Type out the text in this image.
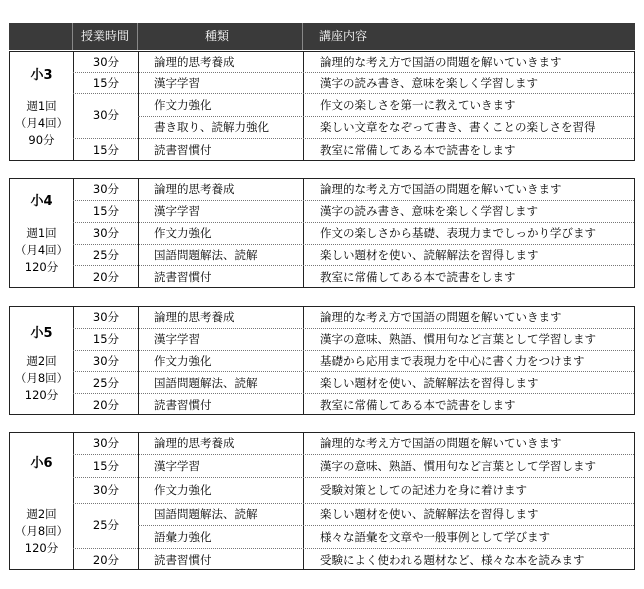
授業時間	種類	講座内容
小3
週1回
（月4回）
90分
30分
15分
30分
15分
論理的思考養成
漢字学習
作文力強化
書き取り、読解力強化
読書習慣付
論理的な考え方で国語の問題を解いていきます
漢字の読み書き、意味を楽しく学習します
作文の楽しさを第一に教えていきます
楽しい文章をなぞって書き、書くことの楽しさを習得
教室に常備してある本で読書をします
小4
週1回
（月4回）
120分
30分
15分
30分
25分
20分
論理的思考養成
漢字学習
作文力強化
国語問題解法、読解
読書習慣付
論理的な考え方で国語の問題を解いていきます
漢字の読み書き、意味を楽しく学習します
作文の楽しさから基礎、表現力までしっかり学びます
楽しい題材を使い、読解解法を習得します
教室に常備してある本で読書をします
小5
週2回
（月8回）
120分
30分
15分
30分
25分
20分
論理的思考養成
漢字学習
作文力強化
国語問題解法、読解
読書習慣付
論理的な考え方で国語の問題を解いていきます
漢字の意味、熟語、慣用句など言葉として学習します
基礎から応用まで表現力を中心に書く力をつけます
楽しい題材を使い、読解解法を習得します
教室に常備してある本で読書をします
小6
週2回
（月8回）
120分
30分
15分
30分
25分
20分
論理的思考養成
漢字学習
作文力強化
国語問題解法、読解
語彙力強化
読書習慣付
論理的な考え方で国語の問題を解いていきます
漢字の意味、熟語、慣用句など言葉として学習します
受験対策としての記述力を身に着けます
楽しい題材を使い、読解解法を習得します
様々な語彙を文章や一般事例として学びます
受験によく使われる題材など、様々な本を読みます
